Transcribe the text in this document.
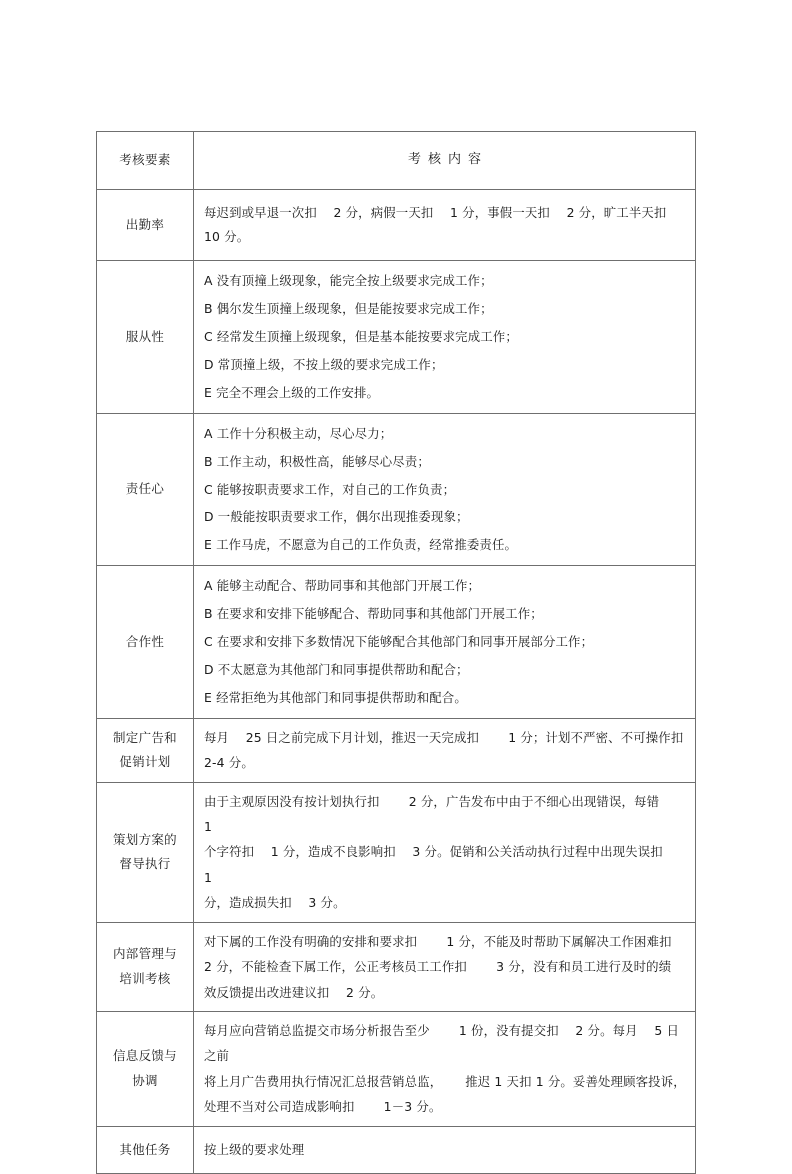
考核要素	考核内容

出勤率	每迟到或早退一次扣　 2 分，病假一天扣　 1 分，事假一天扣　 2 分，旷工半天扣　 10 分。

服从性	A 没有顶撞上级现象，能完全按上级要求完成工作；
B 偶尔发生顶撞上级现象，但是能按要求完成工作；
C 经常发生顶撞上级现象，但是基本能按要求完成工作；
D 常顶撞上级，不按上级的要求完成工作；
E 完全不理会上级的工作安排。

责任心	A 工作十分积极主动，尽心尽力；
B 工作主动，积极性高，能够尽心尽责；
C 能够按职责要求工作，对自己的工作负责；
D 一般能按职责要求工作，偶尔出现推委现象；
E 工作马虎，不愿意为自己的工作负责，经常推委责任。

合作性	A 能够主动配合、帮助同事和其他部门开展工作；
B 在要求和安排下能够配合、帮助同事和其他部门开展工作；
C 在要求和安排下多数情况下能够配合其他部门和同事开展部分工作；
D 不太愿意为其他部门和同事提供帮助和配合；
E 经常拒绝为其他部门和同事提供帮助和配合。

制定广告和
促销计划	每月　 25 日之前完成下月计划，推迟一天完成扣　　 1 分；计划不严密、不可操作扣
2-4 分。

策划方案的
督导执行	由于主观原因没有按计划执行扣　　 2 分，广告发布中由于不细心出现错误，每错　　 1
个字符扣　 1 分，造成不良影响扣　 3 分。促销和公关活动执行过程中出现失误扣　　 1
分，造成损失扣　 3 分。

内部管理与
培训考核	对下属的工作没有明确的安排和要求扣　　 1 分，不能及时帮助下属解决工作困难扣
2 分，不能检查下属工作，公正考核员工工作扣　　 3 分，没有和员工进行及时的绩
效反馈提出改进建议扣　 2 分。

信息反馈与
协调	每月应向营销总监提交市场分析报告至少　　 1 份，没有提交扣　 2 分。每月　 5 日之前
将上月广告费用执行情况汇总报营销总监，　　 推迟 1 天扣 1 分。妥善处理顾客投诉，
处理不当对公司造成影响扣　　 1－3 分。

其他任务	按上级的要求处理
